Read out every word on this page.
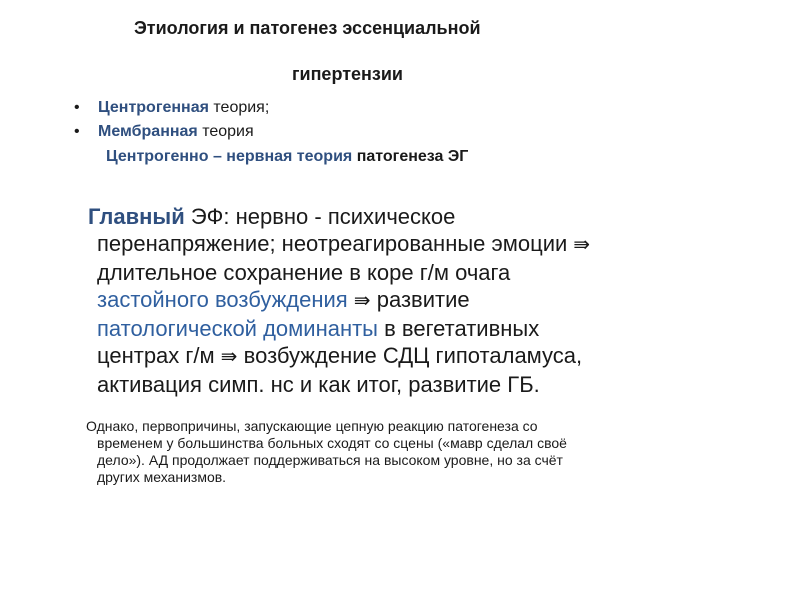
Этиология и патогенез эссенциальной
гипертензии
• Центрогенная теория;
• Мембранная теория
Центрогенно – нервная теория патогенеза ЭГ
Главный ЭФ: нервно - психическое
перенапряжение; неотреагированные эмоции ⇛
длительное сохранение в коре г/м очага
застойного возбуждения ⇛ развитие
патологической доминанты в вегетативных
центрах г/м ⇛ возбуждение СДЦ гипоталамуса,
активация симп. нс и как итог, развитие ГБ.
Однако, первопричины, запускающие цепную реакцию патогенеза со
временем у большинства больных сходят со сцены («мавр сделал своё
дело»). АД продолжает поддерживаться на высоком уровне, но за счёт
других механизмов.
